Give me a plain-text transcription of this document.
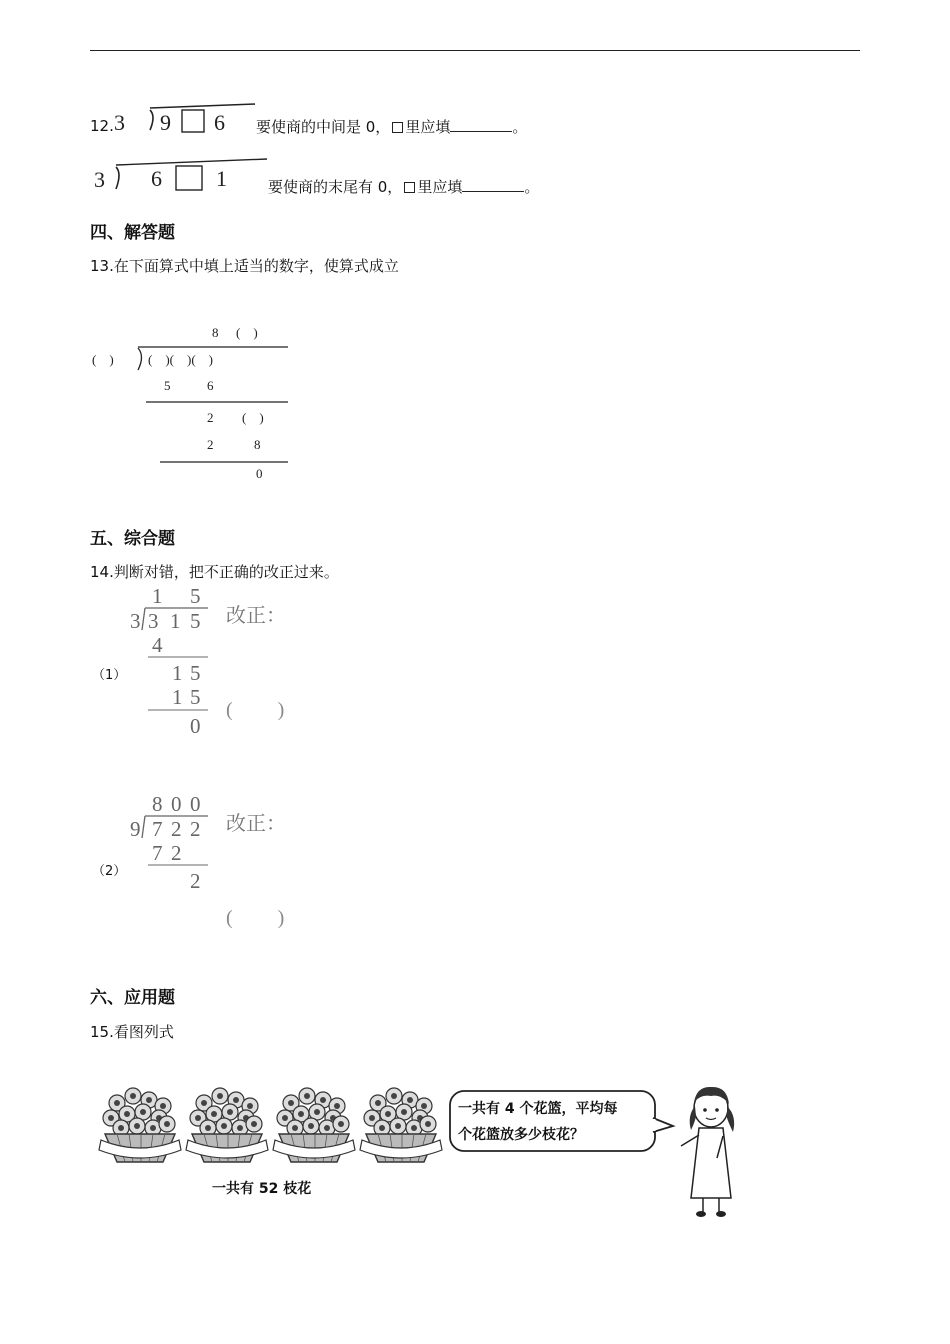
12. 3 9 6 要使商的中间是 0， 里应填	。
3 6 1	要使商的末尾有 0， 里应填	。
四、解答题
13.在下面算式中填上适当的数字，使算式成立
8 (    )
(    )	(    )(    )(    )
5	6
2 (    )
2	8
0
五、综合题
14.判断对错，把不正确的改正过来。
（1）
1 5
3 3 1 5
4
1 5
1 5
0
改正：
(         )
（2）
8 0 0
9 7 2 2
7 2
2
改正：
(         )
六、应用题
15.看图列式
一共有 4 个花篮，平均每
个花篮放多少枝花？
一共有 52 枝花
